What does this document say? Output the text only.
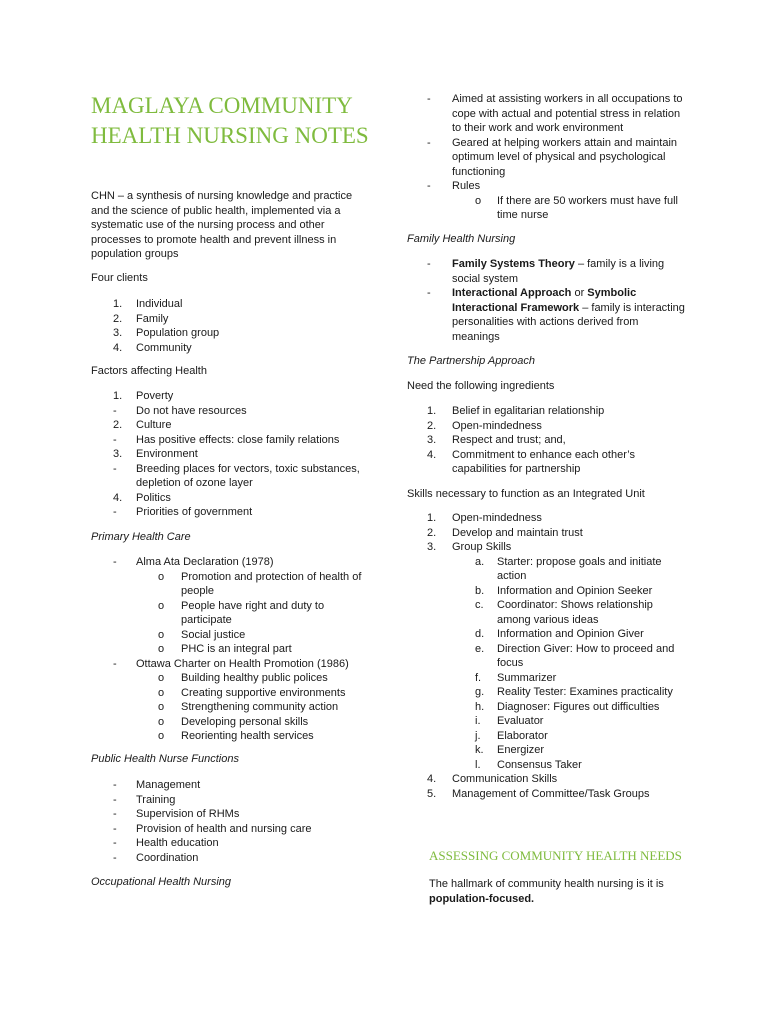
MAGLAYA COMMUNITY HEALTH NURSING NOTES

CHN – a synthesis of nursing knowledge and practice and the science of public health, implemented via a systematic use of the nursing process and other processes to promote health and prevent illness in population groups

Four clients

1. Individual
2. Family
3. Population group
4. Community

Factors affecting Health

1. Poverty
- Do not have resources
2. Culture
- Has positive effects: close family relations
3. Environment
- Breeding places for vectors, toxic substances, depletion of ozone layer
4. Politics
- Priorities of government

Primary Health Care

- Alma Ata Declaration (1978)
o Promotion and protection of health of people
o People have right and duty to participate
o Social justice
o PHC is an integral part
- Ottawa Charter on Health Promotion (1986)
o Building healthy public polices
o Creating supportive environments
o Strengthening community action
o Developing personal skills
o Reorienting health services

Public Health Nurse Functions

- Management
- Training
- Supervision of RHMs
- Provision of health and nursing care
- Health education
- Coordination

Occupational Health Nursing

- Aimed at assisting workers in all occupations to cope with actual and potential stress in relation to their work and work environment
- Geared at helping workers attain and maintain optimum level of physical and psychological functioning
- Rules
o If there are 50 workers must have full time nurse

Family Health Nursing

- Family Systems Theory – family is a living social system
- Interactional Approach or Symbolic Interactional Framework – family is interacting personalities with actions derived from meanings

The Partnership Approach

Need the following ingredients

1. Belief in egalitarian relationship
2. Open-mindedness
3. Respect and trust; and,
4. Commitment to enhance each other’s capabilities for partnership

Skills necessary to function as an Integrated Unit

1. Open-mindedness
2. Develop and maintain trust
3. Group Skills
a. Starter: propose goals and initiate action
b. Information and Opinion Seeker
c. Coordinator: Shows relationship among various ideas
d. Information and Opinion Giver
e. Direction Giver: How to proceed and focus
f. Summarizer
g. Reality Tester: Examines practicality
h. Diagnoser: Figures out difficulties
i. Evaluator
j. Elaborator
k. Energizer
l. Consensus Taker
4. Communication Skills
5. Management of Committee/Task Groups

ASSESSING COMMUNITY HEALTH NEEDS

The hallmark of community health nursing is it is population-focused.
